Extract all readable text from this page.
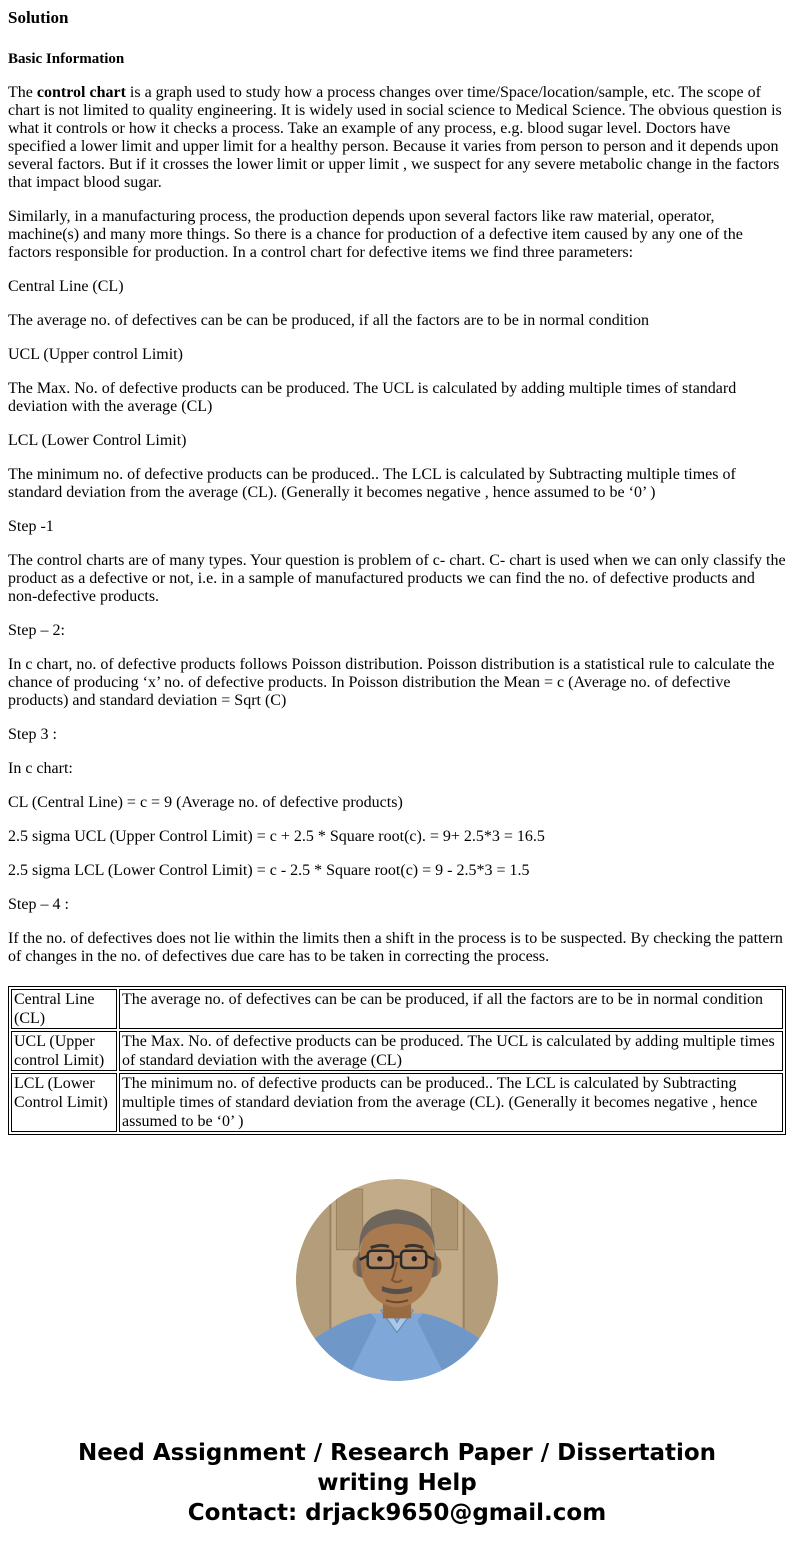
Solution

Basic Information

The control chart is a graph used to study how a process changes over time/Space/location/sample, etc. The scope of chart is not limited to quality engineering. It is widely used in social science to Medical Science. The obvious question is what it controls or how it checks a process. Take an example of any process, e.g. blood sugar level. Doctors have specified a lower limit and upper limit for a healthy person. Because it varies from person to person and it depends upon several factors. But if it crosses the lower limit or upper limit , we suspect for any severe metabolic change in the factors that impact blood sugar.

Similarly, in a manufacturing process, the production depends upon several factors like raw material, operator, machine(s) and many more things. So there is a chance for production of a defective item caused by any one of the factors responsible for production. In a control chart for defective items we find three parameters:

Central Line (CL)

The average no. of defectives can be can be produced, if all the factors are to be in normal condition

UCL (Upper control Limit)

The Max. No. of defective products can be produced. The UCL is calculated by adding multiple times of standard deviation with the average (CL)

LCL (Lower Control Limit)

The minimum no. of defective products can be produced.. The LCL is calculated by Subtracting multiple times of standard deviation from the average (CL). (Generally it becomes negative , hence assumed to be ‘0’ )

Step -1

The control charts are of many types. Your question is problem of c- chart. C- chart is used when we can only classify the product as a defective or not, i.e. in a sample of manufactured products we can find the no. of defective products and non-defective products.

Step – 2:

In c chart, no. of defective products follows Poisson distribution. Poisson distribution is a statistical rule to calculate the chance of producing ‘x’ no. of defective products. In Poisson distribution the Mean = c (Average no. of defective products) and standard deviation = Sqrt (C)

Step 3 :

In c chart:

CL (Central Line) = c = 9 (Average no. of defective products)

2.5 sigma UCL (Upper Control Limit) = c + 2.5 * Square root(c). = 9+ 2.5*3 = 16.5

2.5 sigma LCL (Lower Control Limit) = c - 2.5 * Square root(c) = 9 - 2.5*3 = 1.5

Step – 4 :

If the no. of defectives does not lie within the limits then a shift in the process is to be suspected. By checking the pattern of changes in the no. of defectives due care has to be taken in correcting the process.

Central Line (CL)	The average no. of defectives can be can be produced, if all the factors are to be in normal condition
UCL (Upper control Limit)	The Max. No. of defective products can be produced. The UCL is calculated by adding multiple times of standard deviation with the average (CL)
LCL (Lower Control Limit)	The minimum no. of defective products can be produced.. The LCL is calculated by Subtracting multiple times of standard deviation from the average (CL). (Generally it becomes negative , hence assumed to be ‘0’ )
Need Assignment / Research Paper / Dissertation writing Help
Contact: drjack9650@gmail.com
